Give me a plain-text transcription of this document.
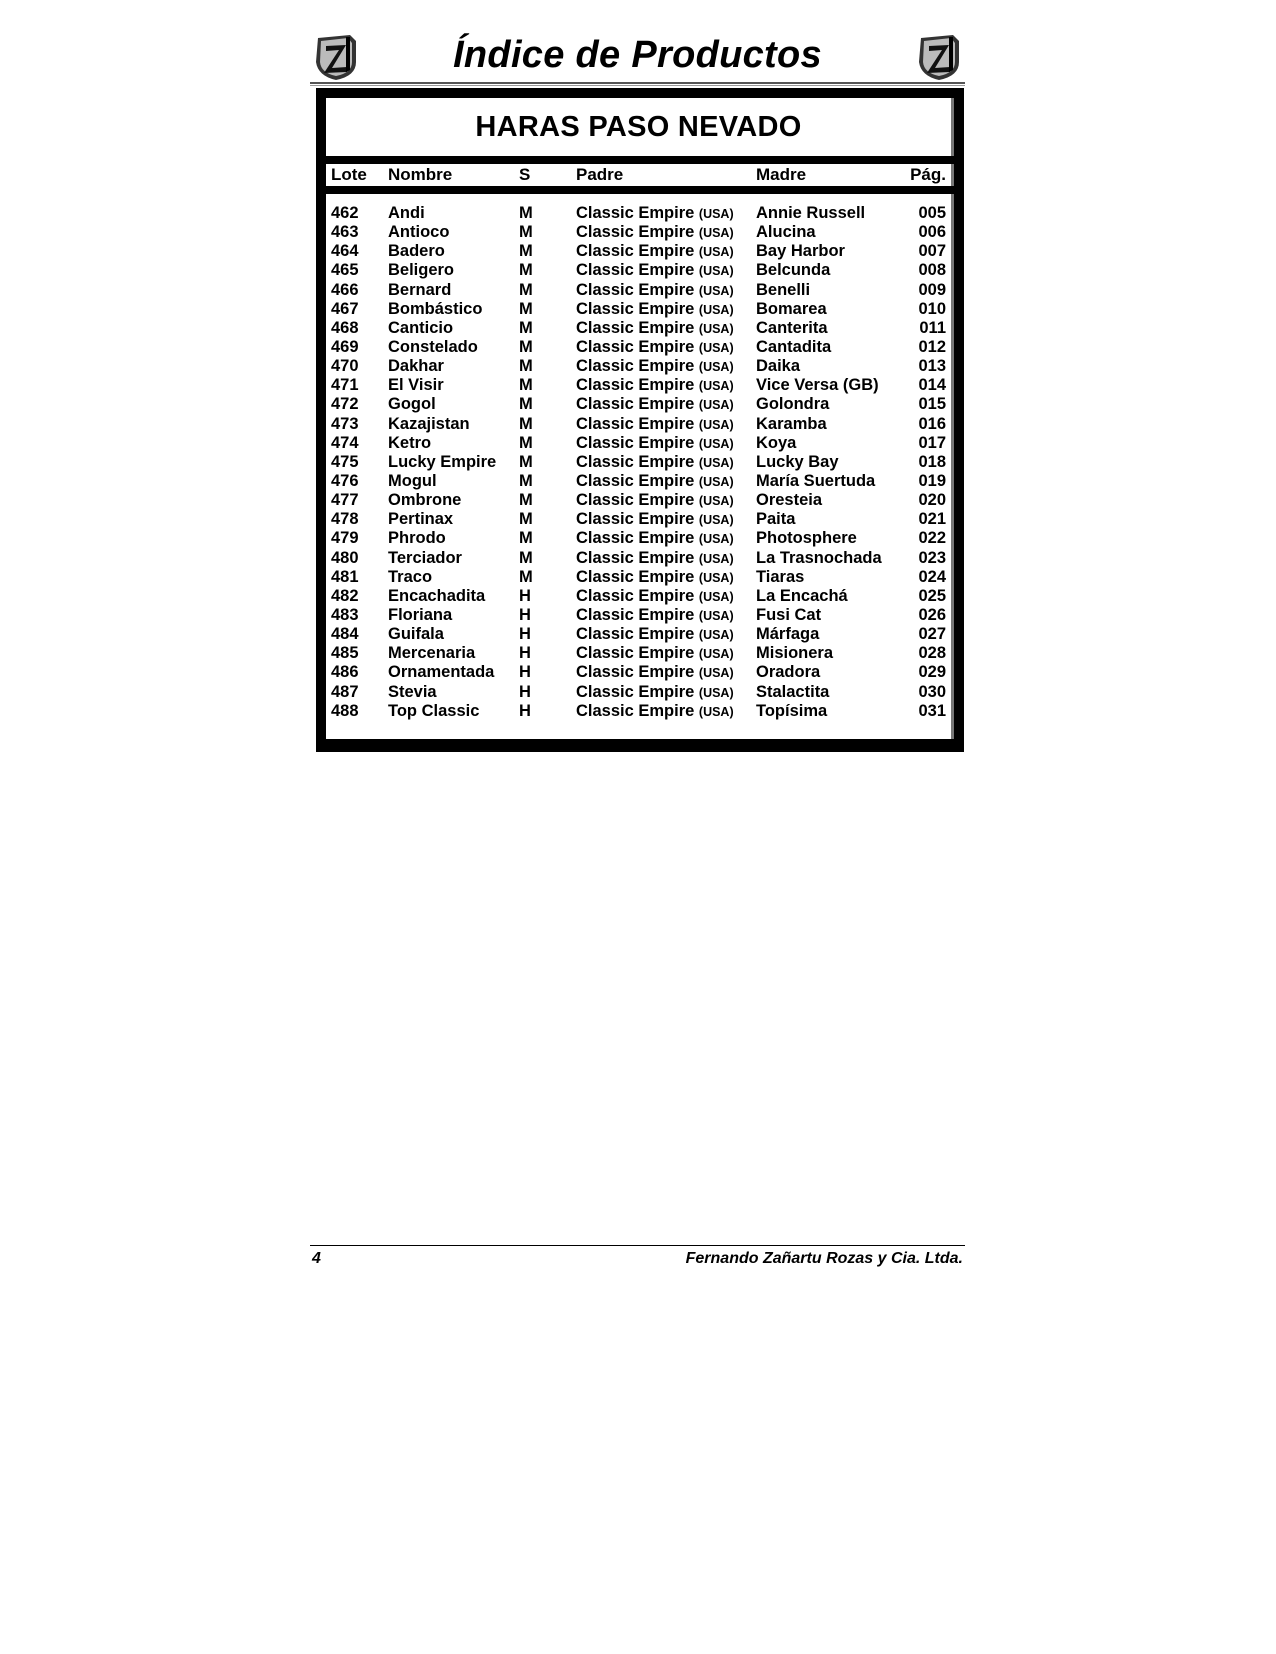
Índice de Productos
HARAS PASO NEVADO
Lote Nombre	S	Padre	Madre	Pág.
462 Andi	M	Classic Empire (USA) Annie Russell	005
463 Antioco	M	Classic Empire (USA) Alucina	006
464 Badero	M	Classic Empire (USA) Bay Harbor	007
465 Beligero	M	Classic Empire (USA) Belcunda	008
466 Bernard	M	Classic Empire (USA) Benelli	009
467 Bombástico M	Classic Empire (USA) Bomarea	010
468 Canticio	M	Classic Empire (USA) Canterita	011
469 Constelado M	Classic Empire (USA) Cantadita	012
470 Dakhar	M	Classic Empire (USA) Daika	013
471 El Visir	M	Classic Empire (USA) Vice Versa (GB) 014
472 Gogol	M	Classic Empire (USA) Golondra	015
473 Kazajistan	M	Classic Empire (USA) Karamba	016
474 Ketro	M	Classic Empire (USA) Koya	017
475 Lucky Empire M	Classic Empire (USA) Lucky Bay	018
476 Mogul	M	Classic Empire (USA) María Suertuda	019
477 Ombrone	M	Classic Empire (USA) Oresteia	020
478 Pertinax	M	Classic Empire (USA) Paita	021
479 Phrodo	M	Classic Empire (USA) Photosphere	022
480 Terciador	M	Classic Empire (USA) La Trasnochada 023
481 Traco	M	Classic Empire (USA) Tiaras	024
482 Encachadita H	Classic Empire (USA) La Encachá	025
483 Floriana	H	Classic Empire (USA) Fusi Cat	026
484 Guifala	H	Classic Empire (USA) Márfaga	027
485 Mercenaria	H	Classic Empire (USA) Misionera	028
486 Ornamentada H	Classic Empire (USA) Oradora	029
487 Stevia	H	Classic Empire (USA) Stalactita	030
488 Top Classic H	Classic Empire (USA) Topísima	031
4	Fernando Zañartu Rozas y Cia. Ltda.
